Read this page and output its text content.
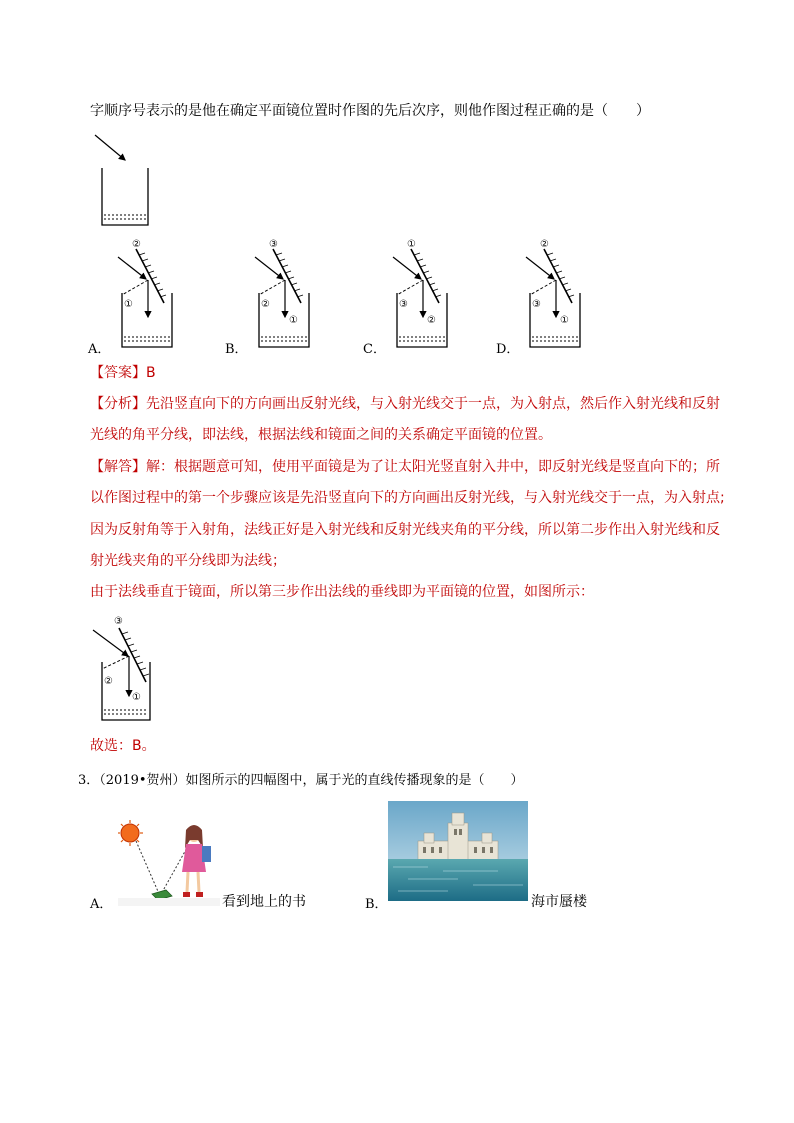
字顺序号表示的是他在确定平面镜位置时作图的先后次序，则他作图过程正确的是（　　）
A．
②
①
B．
③
②
①
C．
①
③
②
D．
②
③
①
【答案】B
【分析】先沿竖直向下的方向画出反射光线，与入射光线交于一点，为入射点，然后作入射光线和反射
光线的角平分线，即法线，根据法线和镜面之间的关系确定平面镜的位置。
【解答】解：根据题意可知，使用平面镜是为了让太阳光竖直射入井中，即反射光线是竖直向下的；所
以作图过程中的第一个步骤应该是先沿竖直向下的方向画出反射光线，与入射光线交于一点，为入射点;
因为反射角等于入射角，法线正好是入射光线和反射光线夹角的平分线，所以第二步作出入射光线和反
射光线夹角的平分线即为法线；
由于法线垂直于镜面，所以第三步作出法线的垂线即为平面镜的位置，如图所示：
③
②
①
故选：B。
3．（2019•贺州）如图所示的四幅图中，属于光的直线传播现象的是（　　）
A．	看到地上的书	B．	海市蜃楼
